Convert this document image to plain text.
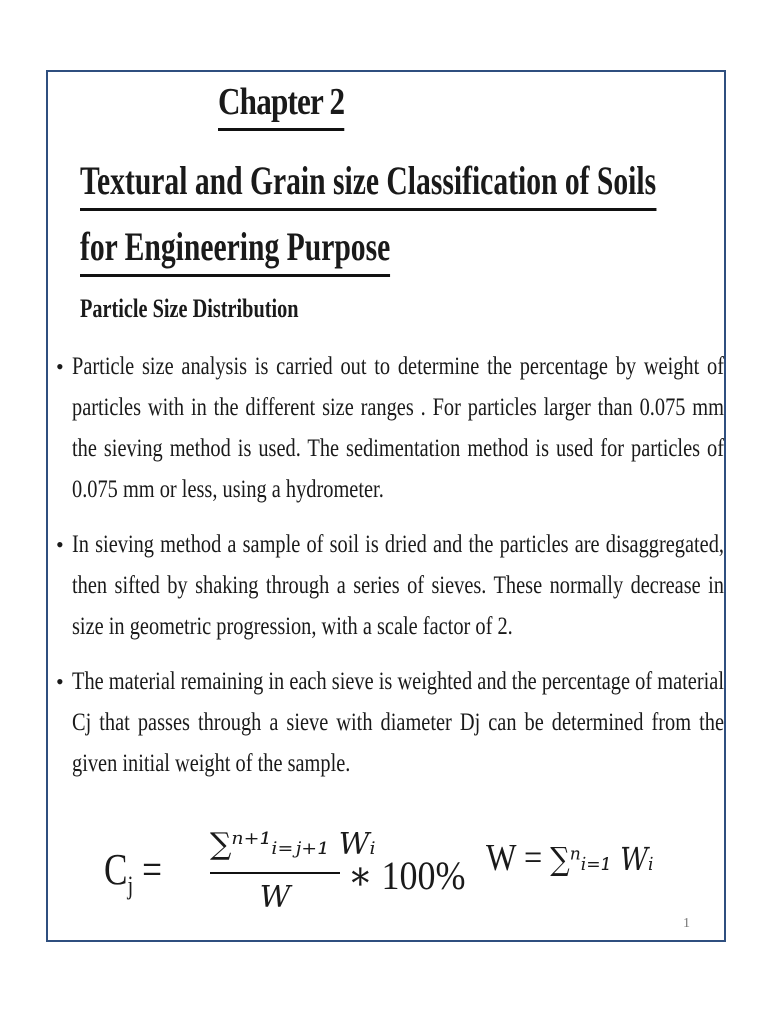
Chapter 2
Textural and Grain size Classification of Soils
for Engineering Purpose
Particle Size Distribution
• Particle size analysis is carried out to determine the percentage by weight of particles with in the different size ranges . For particles larger than 0.075 mm the sieving method is used. The sedimentation method is used for particles of 0.075 mm or less, using a hydrometer.
• In sieving method a sample of soil is dried and the particles are disaggregated, then sifted by shaking through a series of sieves. These normally decrease in size in geometric progression, with a scale factor of 2.
• The material remaining in each sieve is weighted and the percentage of material Cj that passes through a sieve with diameter Dj can be determined from the given initial weight of the sample.
$C_j$ =
∑ⁿ⁺¹ᵢ₌ⱼ₊₁ Wᵢ
W	∗ 100% W = ∑ⁿᵢ₌₁ Wᵢ
1
